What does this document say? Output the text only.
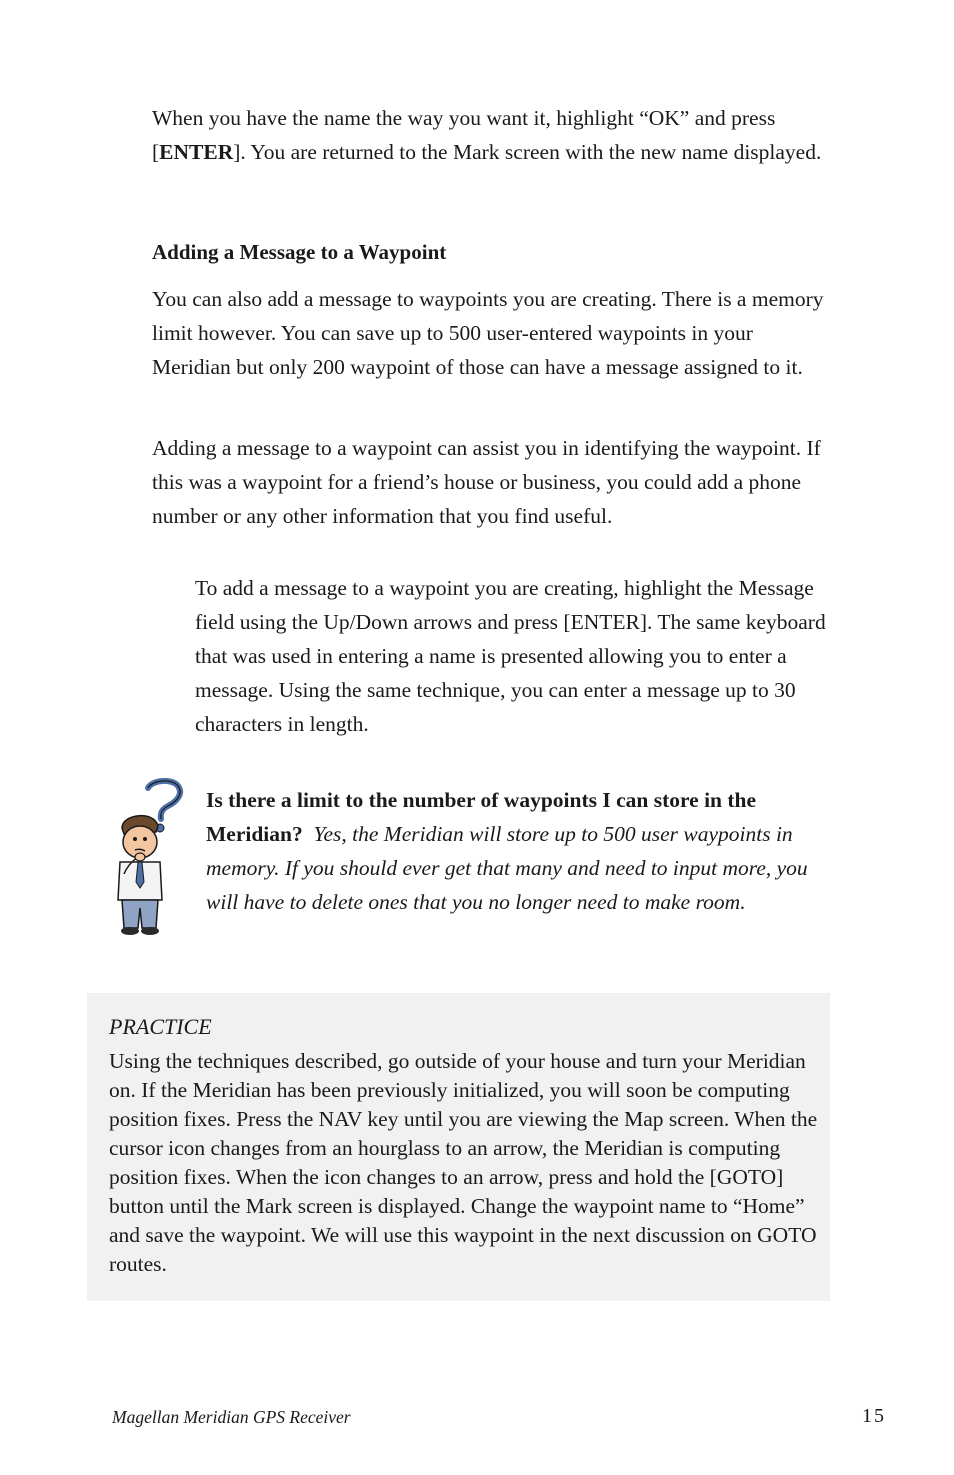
When you have the name the way you want it, highlight “OK” and press [ENTER]. You are returned to the Mark screen with the new name displayed.

Adding a Message to a Waypoint

You can also add a message to waypoints you are creating. There is a memory limit however. You can save up to 500 user-entered waypoints in your Meridian but only 200 waypoint of those can have a message assigned to it.

Adding a message to a waypoint can assist you in identifying the waypoint. If this was a waypoint for a friend’s house or business, you could add a phone number or any other information that you find useful.

To add a message to a waypoint you are creating, highlight the Message field using the Up/Down arrows and press [ENTER]. The same keyboard that was used in entering a name is presented allowing you to enter a message. Using the same technique, you can enter a message up to 30 characters in length.

Is there a limit to the number of waypoints I can store in the Meridian? Yes, the Meridian will store up to 500 user waypoints in memory. If you should ever get that many and need to input more, you will have to delete ones that you no longer need to make room.

PRACTICE

Using the techniques described, go outside of your house and turn your Meridian on. If the Meridian has been previously initialized, you will soon be computing position fixes. Press the NAV key until you are viewing the Map screen. When the cursor icon changes from an hourglass to an arrow, the Meridian is computing position fixes. When the icon changes to an arrow, press and hold the [GOTO] button until the Mark screen is displayed. Change the waypoint name to “Home” and save the waypoint. We will use this waypoint in the next discussion on GOTO routes.

Magellan Meridian GPS Receiver	15
